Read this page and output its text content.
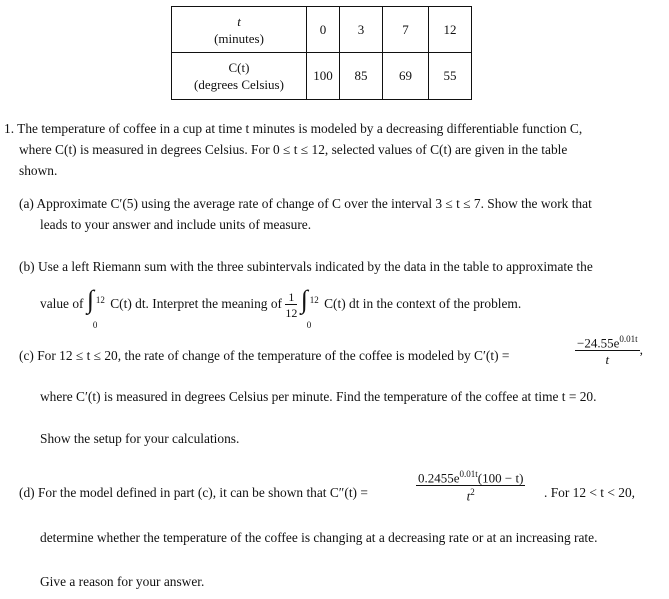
t
(minutes)	0	3	7	12
C(t)
(degrees Celsius)	100	85	69	55
1. The temperature of coffee in a cup at time t minutes is modeled by a decreasing differentiable function C,
where C(t) is measured in degrees Celsius. For 0 ≤ t ≤ 12, selected values of C(t) are given in the table
shown.
(a) Approximate C′(5) using the average rate of change of C over the interval 3 ≤ t ≤ 7. Show the work that
leads to your answer and include units of measure.
(b) Use a left Riemann sum with the three subintervals indicated by the data in the table to approximate the
value of ∫ 12
0
C(t) dt. Interpret the meaning of $\frac{1}{12}$
∫ 12
0
C(t) dt in the context of the problem.
(c) For 12 ≤ t ≤ 20, the rate of change of the temperature of the coffee is modeled by C′(t) =	$\frac{-24.55e^{0.01t}}{t}$ ,
where C′(t) is measured in degrees Celsius per minute. Find the temperature of the coffee at time t = 20.
Show the setup for your calculations.
(d) For the model defined in part (c), it can be shown that C″(t) =	$\frac{0.2455e^{0.01t}(100 - t)}{t^2}$ . For 12 < t < 20,
determine whether the temperature of the coffee is changing at a decreasing rate or at an increasing rate.
Give a reason for your answer.
